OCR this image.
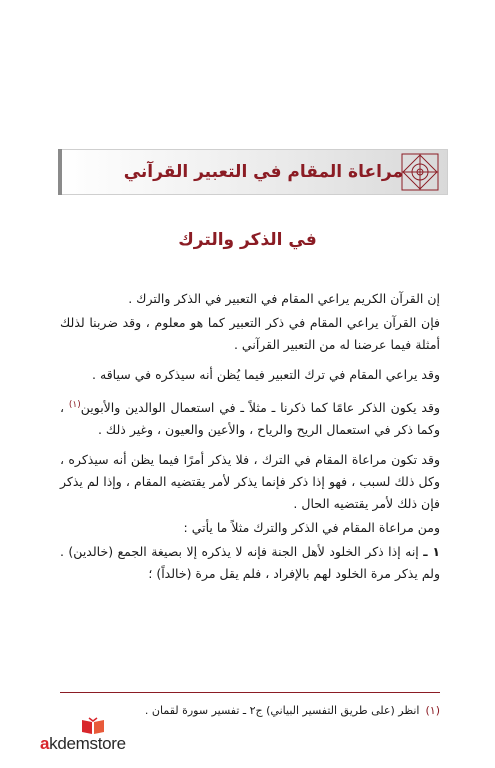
مراعاة المقام في التعبير القرآني
في الذكر والترك

إن القرآن الكريم يراعي المقام في التعبير في الذكر والترك .

فإن القرآن يراعي المقام في ذكر التعبير كما هو معلوم ، وقد ضربنا لذلك أمثلة فيما عرضنا له من التعبير القرآني .

وقد يراعي المقام في ترك التعبير فيما يُظن أنه سيذكره في سياقه .

وقد يكون الذكر عامًا كما ذكرنا ـ مثلاً ـ في استعمال الوالدين والأبوين$^{(١)}$ ، وكما ذكر في استعمال الريح والرياح ، والأعين والعيون ، وغير ذلك .

وقد تكون مراعاة المقام في الترك ، فلا يذكر أمرًا فيما يظن أنه سيذكره ، وكل ذلك لسبب ، فهو إذا ذكر فإنما يذكر لأمر يقتضيه المقام ، وإذا لم يذكر فإن ذلك لأمر يقتضيه الحال .

ومن مراعاة المقام في الذكر والترك مثلاً ما يأتي :

١ ـ إنه إذا ذكر الخلود لأهل الجنة فإنه لا يذكره إلا بصيغة الجمع (خالدين) . ولم يذكر مرة الخلود لهم بالإفراد ، فلم يقل مرة (خالداً) ؛

(١)انظر (على طريق التفسير البياني) ج٢ ـ تفسير سورة لقمان .
akdemstore
